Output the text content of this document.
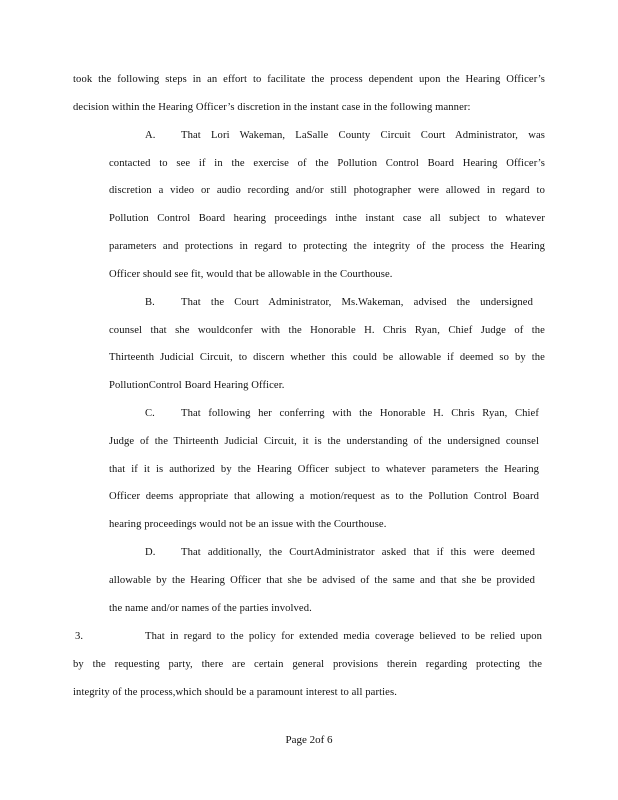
took the following steps in an effort to facilitate the process dependent upon the Hearing Officer’s
decision within the Hearing Officer’s discretion in the instant case in the following manner:
A. That Lori Wakeman, LaSalle County Circuit Court Administrator, was
contacted to see if in the exercise of the Pollution Control Board Hearing Officer’s
discretion a video or audio recording and/or still photographer were allowed in regard to
Pollution Control Board hearing proceedings inthe instant case all subject to whatever
parameters and protections in regard to protecting the integrity of the process the Hearing
Officer should see fit, would that be allowable in the Courthouse.
B. That the Court Administrator, Ms.Wakeman, advised the undersigned
counsel that she wouldconfer with the Honorable H. Chris Ryan, Chief Judge of the
Thirteenth Judicial Circuit, to discern whether this could be allowable if deemed so by the
PollutionControl Board Hearing Officer.
C. That following her conferring with the Honorable H. Chris Ryan, Chief
Judge of the Thirteenth Judicial Circuit, it is the understanding of the undersigned counsel
that if it is authorized by the Hearing Officer subject to whatever parameters the Hearing
Officer deems appropriate that allowing a motion/request as to the Pollution Control Board
hearing proceedings would not be an issue with the Courthouse.
D. That additionally, the CourtAdministrator asked that if this were deemed
allowable by the Hearing Officer that she be advised of the same and that she be provided
the name and/or names of the parties involved.
3.	That in regard to the policy for extended media coverage believed to be relied upon
by the requesting party, there are certain general provisions therein regarding protecting the
integrity of the process,which should be a paramount interest to all parties.
Page 2of 6
